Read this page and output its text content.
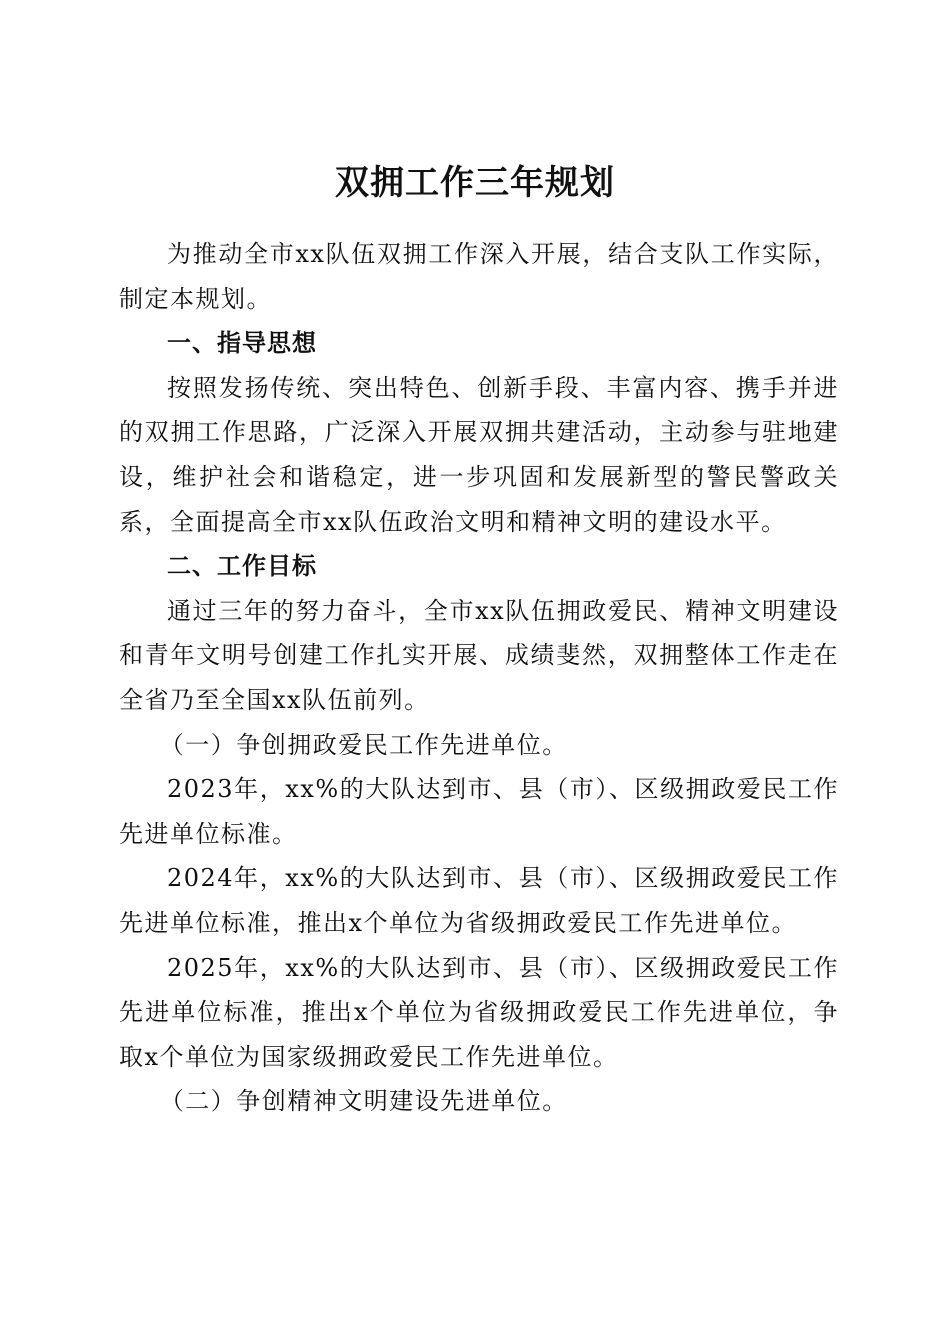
双拥工作三年规划

为推动全市xx队伍双拥工作深入开展，结合支队工作实际，制定本规划。

一、指导思想

按照发扬传统、突出特色、创新手段、丰富内容、携手并进的双拥工作思路，广泛深入开展双拥共建活动，主动参与驻地建设，维护社会和谐稳定，进一步巩固和发展新型的警民警政关系，全面提高全市xx队伍政治文明和精神文明的建设水平。

二、工作目标

通过三年的努力奋斗，全市xx队伍拥政爱民、精神文明建设和青年文明号创建工作扎实开展、成绩斐然，双拥整体工作走在全省乃至全国xx队伍前列。

（一）争创拥政爱民工作先进单位。

2023年，xx%的大队达到市、县（市）、区级拥政爱民工作先进单位标准。

2024年，xx%的大队达到市、县（市）、区级拥政爱民工作先进单位标准，推出x个单位为省级拥政爱民工作先进单位。

2025年，xx%的大队达到市、县（市）、区级拥政爱民工作先进单位标准，推出x个单位为省级拥政爱民工作先进单位，争取x个单位为国家级拥政爱民工作先进单位。

（二）争创精神文明建设先进单位。
